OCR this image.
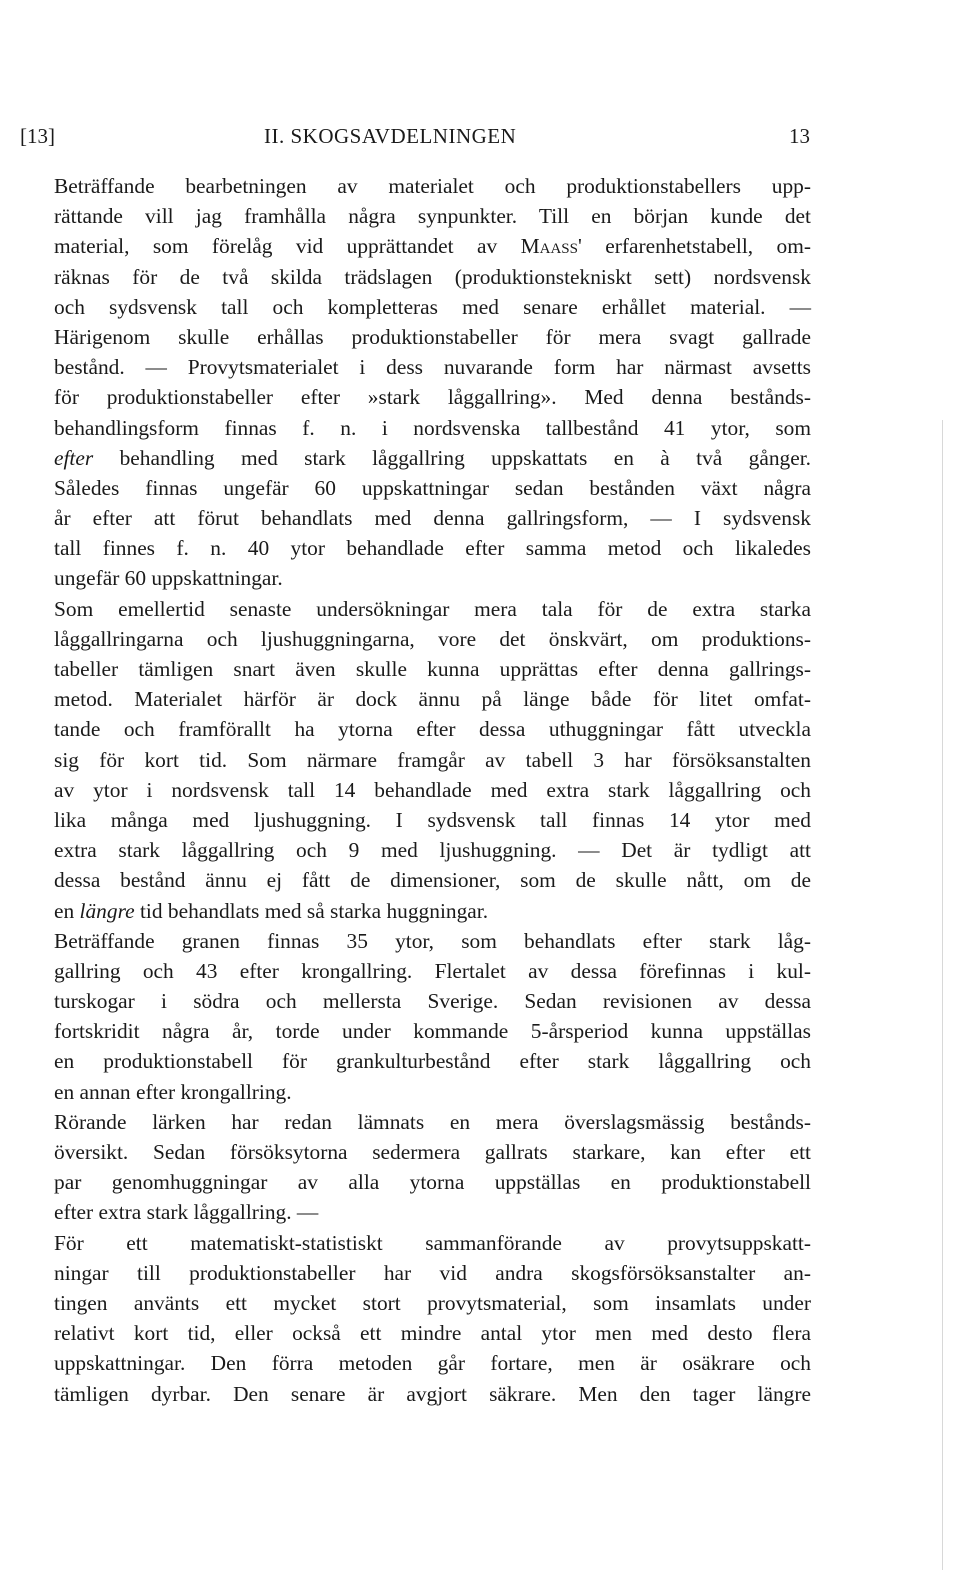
[13]	II. SKOGSAVDELNINGEN	13
Beträffande bearbetningen av materialet och produktionstabellers upp-
rättande vill jag framhålla några synpunkter. Till en början kunde det
material, som förelåg vid upprättandet av Maass' erfarenhetstabell, om-
räknas för de två skilda trädslagen (produktionstekniskt sett) nordsvensk
och sydsvensk tall och kompletteras med senare erhållet material. —
Härigenom skulle erhållas produktionstabeller för mera svagt gallrade
bestånd. — Provytsmaterialet i dess nuvarande form har närmast avsetts
för produktionstabeller efter »stark låggallring». Med denna bestånds-
behandlingsform finnas f. n. i nordsvenska tallbestånd 41 ytor, som
efter behandling med stark låggallring uppskattats en à två gånger.
Således finnas ungefär 60 uppskattningar sedan bestånden växt några
år efter att förut behandlats med denna gallringsform, — I sydsvensk
tall finnes f. n. 40 ytor behandlade efter samma metod och likaledes
ungefär 60 uppskattningar.
Som emellertid senaste undersökningar mera tala för de extra starka
låggallringarna och ljushuggningarna, vore det önskvärt, om produktions-
tabeller tämligen snart även skulle kunna upprättas efter denna gallrings-
metod. Materialet härför är dock ännu på länge både för litet omfat-
tande och framförallt ha ytorna efter dessa uthuggningar fått utveckla
sig för kort tid. Som närmare framgår av tabell 3 har försöksanstalten
av ytor i nordsvensk tall 14 behandlade med extra stark låggallring och
lika många med ljushuggning. I sydsvensk tall finnas 14 ytor med
extra stark låggallring och 9 med ljushuggning. — Det är tydligt att
dessa bestånd ännu ej fått de dimensioner, som de skulle nått, om de
en längre tid behandlats med så starka huggningar.
Beträffande granen finnas 35 ytor, som behandlats efter stark låg-
gallring och 43 efter krongallring. Flertalet av dessa förefinnas i kul-
turskogar i södra och mellersta Sverige. Sedan revisionen av dessa
fortskridit några år, torde under kommande 5-årsperiod kunna uppställas
en produktionstabell för grankulturbestånd efter stark låggallring och
en annan efter krongallring.
Rörande lärken har redan lämnats en mera överslagsmässig bestånds-
översikt. Sedan försöksytorna sedermera gallrats starkare, kan efter ett
par genomhuggningar av alla ytorna uppställas en produktionstabell
efter extra stark låggallring. —
För ett matematiskt-statistiskt sammanförande av provytsuppskatt-
ningar till produktionstabeller har vid andra skogsförsöksanstalter an-
tingen använts ett mycket stort provytsmaterial, som insamlats under
relativt kort tid, eller också ett mindre antal ytor men med desto flera
uppskattningar. Den förra metoden går fortare, men är osäkrare och
tämligen dyrbar. Den senare är avgjort säkrare. Men den tager längre
